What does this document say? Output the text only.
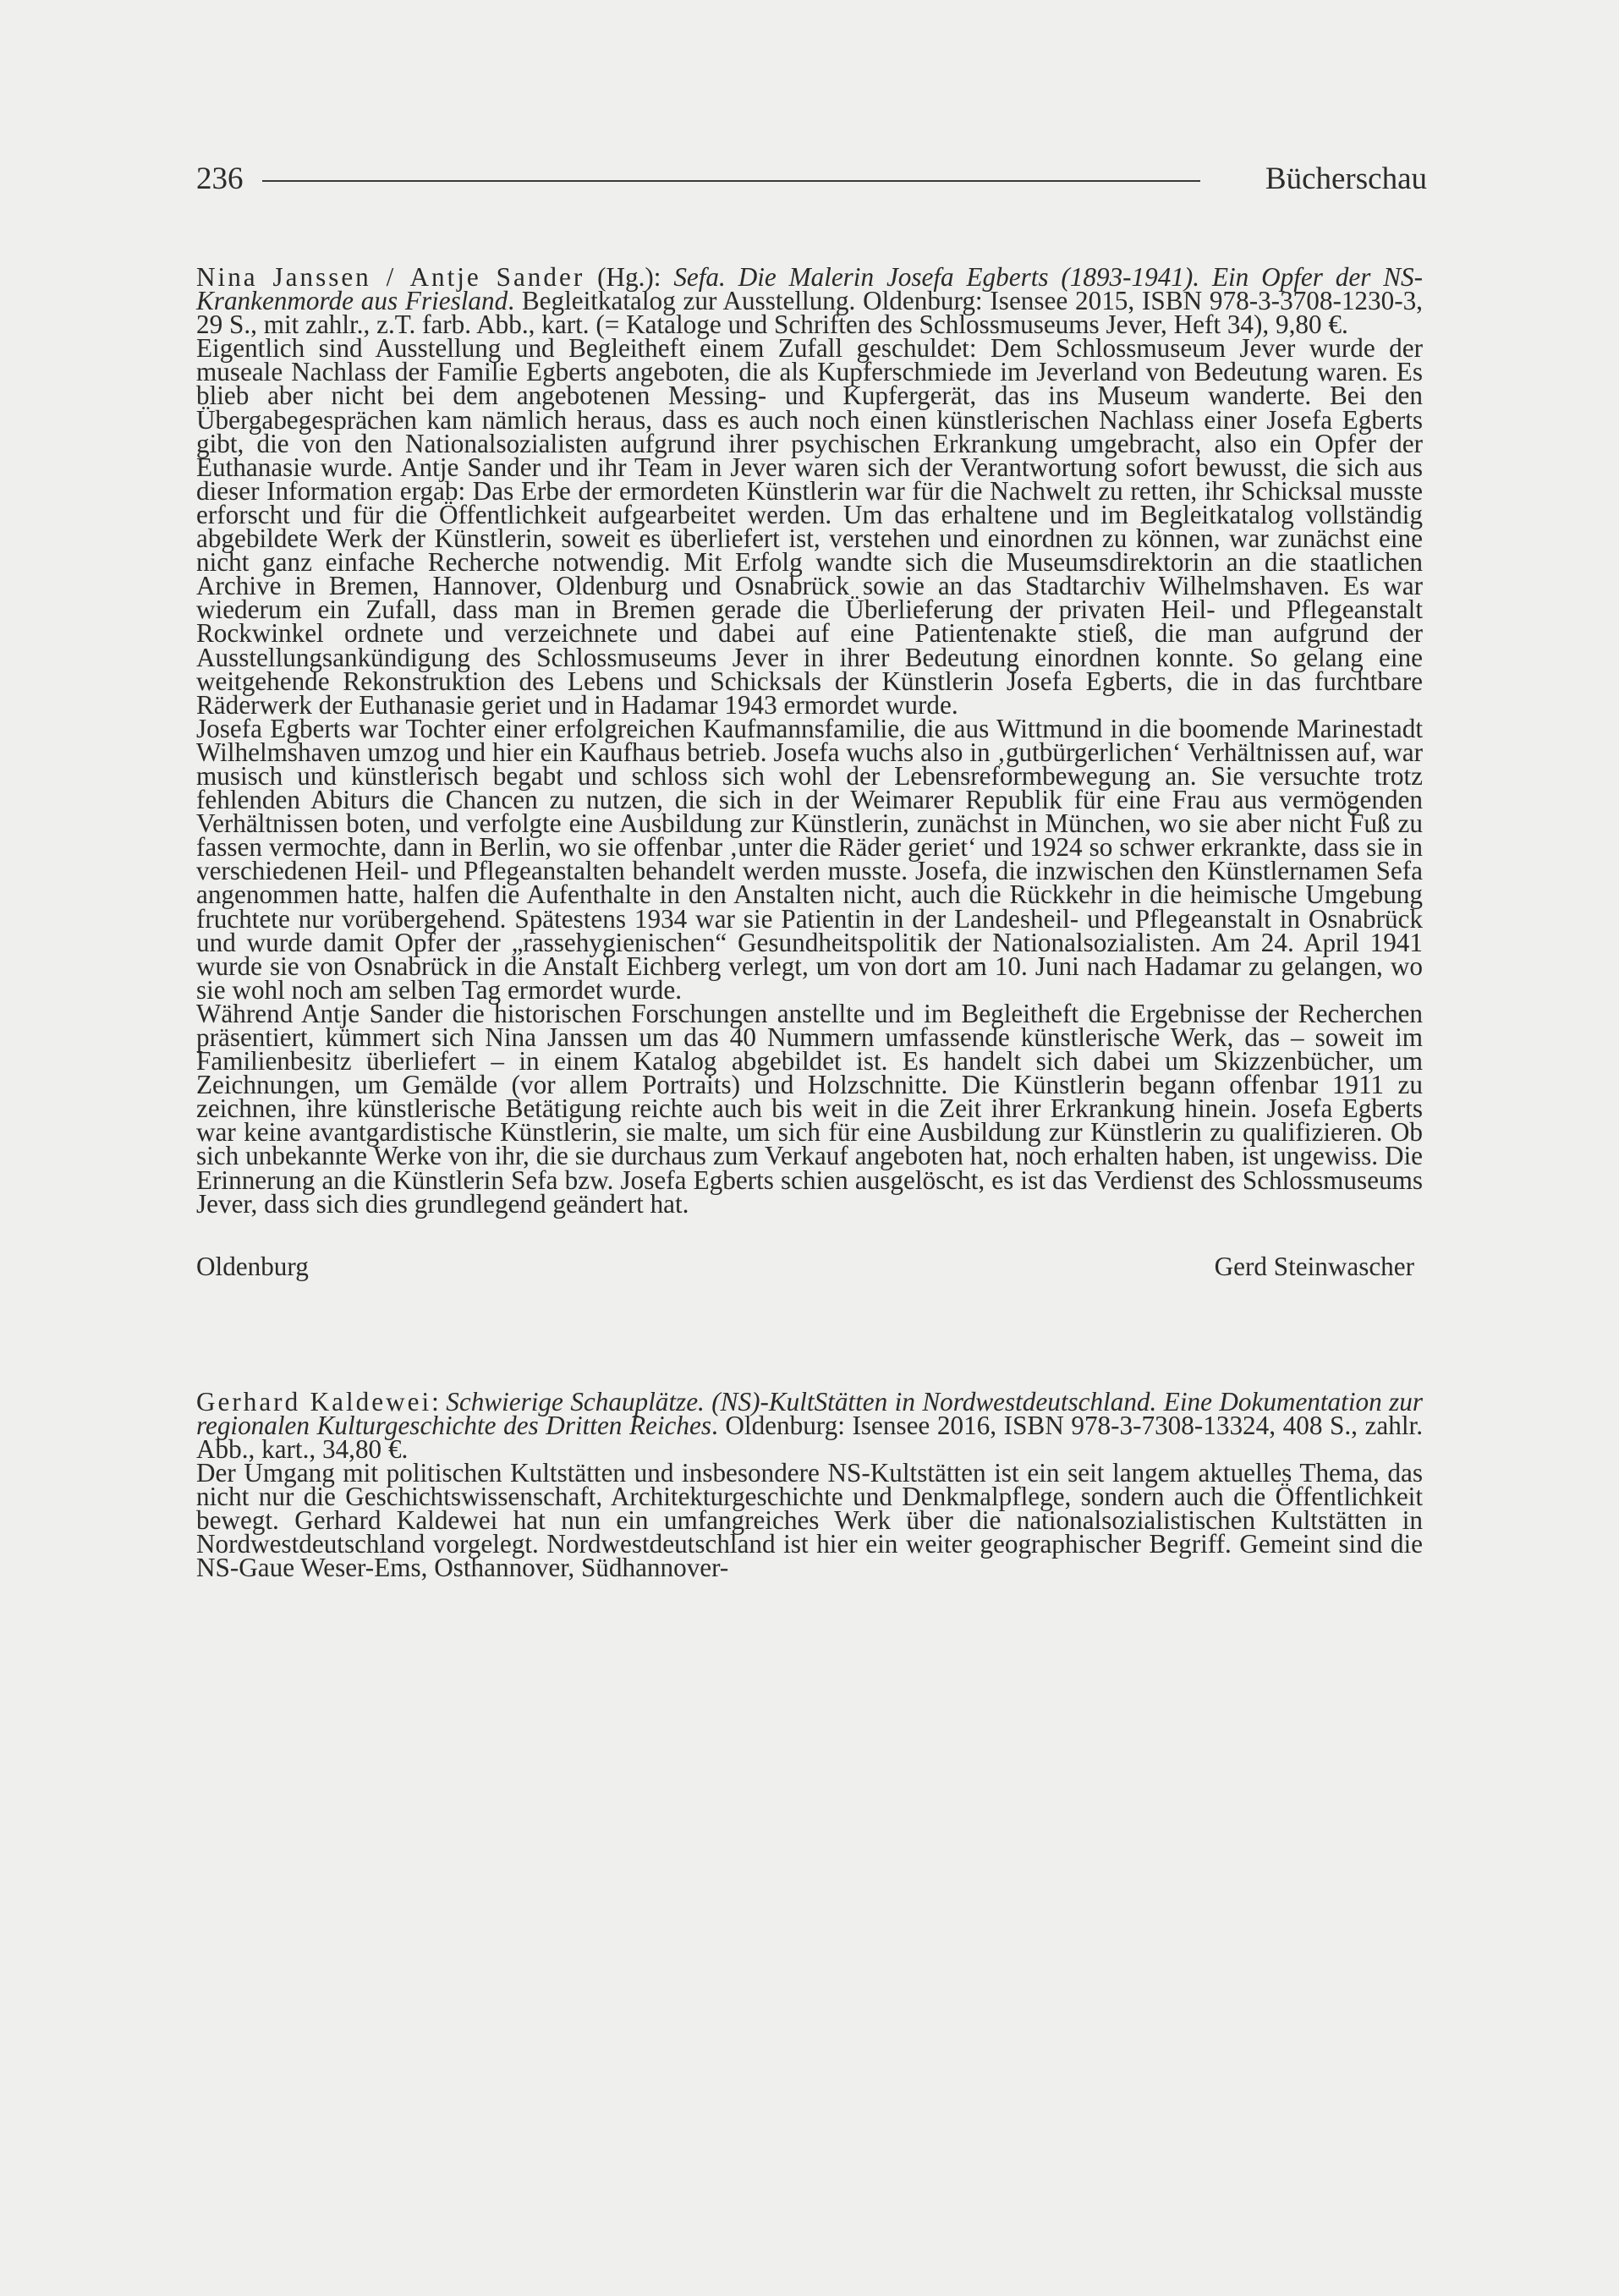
236	Bücherschau

Nina Janssen / Antje Sander (Hg.): Sefa. Die Malerin Josefa Egberts (1893-1941). Ein Opfer der NS-Krankenmorde aus Friesland. Begleitkatalog zur Ausstellung. Oldenburg: Isensee 2015, ISBN 978-3-3708-1230-3, 29 S., mit zahlr., z.T. farb. Abb., kart. (= Kataloge und Schriften des Schlossmuseums Jever, Heft 34), 9,80 €.

Eigentlich sind Ausstellung und Begleitheft einem Zufall geschuldet: Dem Schlossmuseum Jever wurde der museale Nachlass der Familie Egberts angeboten, die als Kupferschmiede im Jeverland von Bedeutung waren. Es blieb aber nicht bei dem angebotenen Messing- und Kupfergerät, das ins Museum wanderte. Bei den Übergabegesprächen kam nämlich heraus, dass es auch noch einen künstlerischen Nachlass einer Josefa Egberts gibt, die von den Nationalsozialisten aufgrund ihrer psychischen Erkrankung umgebracht, also ein Opfer der Euthanasie wurde. Antje Sander und ihr Team in Jever waren sich der Verantwortung sofort bewusst, die sich aus dieser Information ergab: Das Erbe der ermordeten Künstlerin war für die Nachwelt zu retten, ihr Schicksal musste erforscht und für die Öffentlichkeit aufgearbeitet werden. Um das erhaltene und im Begleitkatalog vollständig abgebildete Werk der Künstlerin, soweit es überliefert ist, verstehen und einordnen zu können, war zunächst eine nicht ganz einfache Recherche notwendig. Mit Erfolg wandte sich die Museumsdirektorin an die staatlichen Archive in Bremen, Hannover, Oldenburg und Osnabrück sowie an das Stadtarchiv Wilhelmshaven. Es war wiederum ein Zufall, dass man in Bremen gerade die Überlieferung der privaten Heil- und Pflegeanstalt Rockwinkel ordnete und verzeichnete und dabei auf eine Patientenakte stieß, die man aufgrund der Ausstellungsankündigung des Schlossmuseums Jever in ihrer Bedeutung einordnen konnte. So gelang eine weitgehende Rekonstruktion des Lebens und Schicksals der Künstlerin Josefa Egberts, die in das furchtbare Räderwerk der Euthanasie geriet und in Hadamar 1943 ermordet wurde.

Josefa Egberts war Tochter einer erfolgreichen Kaufmannsfamilie, die aus Wittmund in die boomende Marinestadt Wilhelmshaven umzog und hier ein Kaufhaus betrieb. Josefa wuchs also in ‚gutbürgerlichen‘ Verhältnissen auf, war musisch und künstlerisch begabt und schloss sich wohl der Lebensreformbewegung an. Sie versuchte trotz fehlenden Abiturs die Chancen zu nutzen, die sich in der Weimarer Republik für eine Frau aus vermögenden Verhältnissen boten, und verfolgte eine Ausbildung zur Künstlerin, zunächst in München, wo sie aber nicht Fuß zu fassen vermochte, dann in Berlin, wo sie offenbar ‚unter die Räder geriet‘ und 1924 so schwer erkrankte, dass sie in verschiedenen Heil- und Pflegeanstalten behandelt werden musste. Josefa, die inzwischen den Künstlernamen Sefa angenommen hatte, halfen die Aufenthalte in den Anstalten nicht, auch die Rückkehr in die heimische Umgebung fruchtete nur vorübergehend. Spätestens 1934 war sie Patientin in der Landesheil- und Pflegeanstalt in Osnabrück und wurde damit Opfer der „rassehygienischen“ Gesundheitspolitik der Nationalsozialisten. Am 24. April 1941 wurde sie von Osnabrück in die Anstalt Eichberg verlegt, um von dort am 10. Juni nach Hadamar zu gelangen, wo sie wohl noch am selben Tag ermordet wurde.

Während Antje Sander die historischen Forschungen anstellte und im Begleitheft die Ergebnisse der Recherchen präsentiert, kümmert sich Nina Janssen um das 40 Nummern umfassende künstlerische Werk, das – soweit im Familienbesitz überliefert – in einem Katalog abgebildet ist. Es handelt sich dabei um Skizzenbücher, um Zeichnungen, um Gemälde (vor allem Portraits) und Holzschnitte. Die Künstlerin begann offenbar 1911 zu zeichnen, ihre künstlerische Betätigung reichte auch bis weit in die Zeit ihrer Erkrankung hinein. Josefa Egberts war keine avantgardistische Künstlerin, sie malte, um sich für eine Ausbildung zur Künstlerin zu qualifizieren. Ob sich unbekannte Werke von ihr, die sie durchaus zum Verkauf angeboten hat, noch erhalten haben, ist ungewiss. Die Erinnerung an die Künstlerin Sefa bzw. Josefa Egberts schien ausgelöscht, es ist das Verdienst des Schlossmuseums Jever, dass sich dies grundlegend geändert hat.

Oldenburg	Gerd Steinwascher

Gerhard Kaldewei: Schwierige Schauplätze. (NS)-KultStätten in Nordwestdeutschland. Eine Dokumentation zur regionalen Kulturgeschichte des Dritten Reiches. Oldenburg: Isensee 2016, ISBN 978-3-7308-13324, 408 S., zahlr. Abb., kart., 34,80 €.

Der Umgang mit politischen Kultstätten und insbesondere NS-Kultstätten ist ein seit langem aktuelles Thema, das nicht nur die Geschichtswissenschaft, Architekturgeschichte und Denkmalpflege, sondern auch die Öffentlichkeit bewegt. Gerhard Kaldewei hat nun ein umfangreiches Werk über die nationalsozialistischen Kultstätten in Nordwestdeutschland vorgelegt. Nordwestdeutschland ist hier ein weiter geographischer Begriff. Gemeint sind die NS-Gaue Weser-Ems, Osthannover, Südhannover-
